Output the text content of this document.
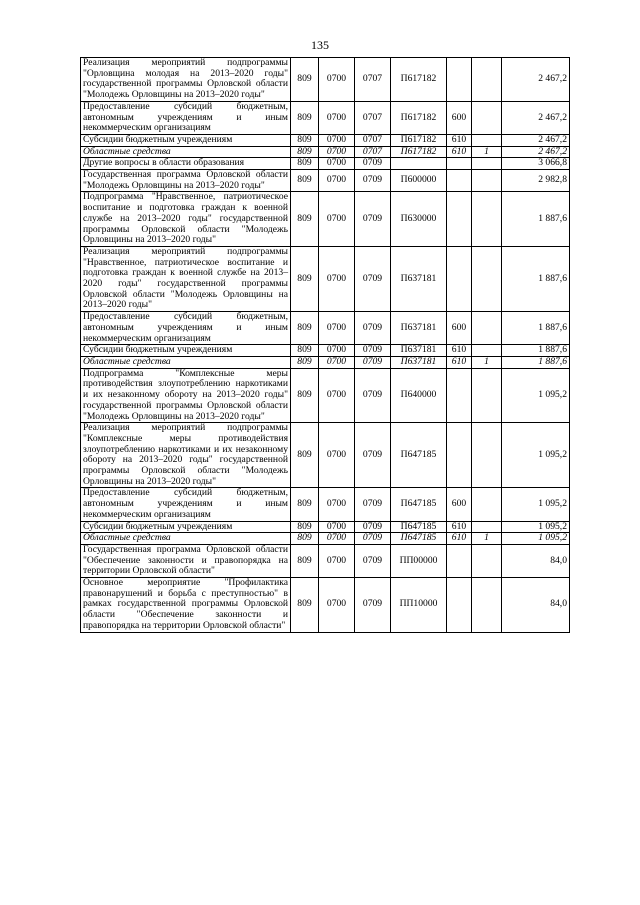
135
Реализация мероприятий подпрограммы "Орловщина молодая на 2013–2020 годы" государственной программы Орловской области "Молодежь Орловщины на 2013–2020 годы"	809	0700	0707	П617182			2 467,2
Предоставление субсидий бюджетным, автономным учреждениям и иным некоммерческим организациям	809	0700	0707	П617182	600		2 467,2
Субсидии бюджетным учреждениям	809	0700	0707	П617182	610		2 467,2
Областные средства	809	0700	0707	П617182	610	1	2 467,2
Другие вопросы в области образования	809	0700	0709				3 066,8
Государственная программа Орловской области "Молодежь Орловщины на 2013–2020 годы"	809	0700	0709	П600000			2 982,8
Подпрограмма "Нравственное, патриотическое воспитание и подготовка граждан к военной службе на 2013–2020 годы" государственной программы Орловской области "Молодежь Орловщины на 2013–2020 годы"	809	0700	0709	П630000			1 887,6
Реализация мероприятий подпрограммы "Нравственное, патриотическое воспитание и подготовка граждан к военной службе на 2013–2020 годы" государственной программы Орловской области "Молодежь Орловщины на 2013–2020 годы"	809	0700	0709	П637181			1 887,6
Предоставление субсидий бюджетным, автономным учреждениям и иным некоммерческим организациям	809	0700	0709	П637181	600		1 887,6
Субсидии бюджетным учреждениям	809	0700	0709	П637181	610		1 887,6
Областные средства	809	0700	0709	П637181	610	1	1 887,6
Подпрограмма "Комплексные меры противодействия злоупотреблению наркотиками и их незаконному обороту на 2013–2020 годы" государственной программы Орловской области "Молодежь Орловщины на 2013–2020 годы"	809	0700	0709	П640000			1 095,2
Реализация мероприятий подпрограммы "Комплексные меры противодействия злоупотреблению наркотиками и их незаконному обороту на 2013–2020 годы" государственной программы Орловской области "Молодежь Орловщины на 2013–2020 годы"	809	0700	0709	П647185			1 095,2
Предоставление субсидий бюджетным, автономным учреждениям и иным некоммерческим организациям	809	0700	0709	П647185	600		1 095,2
Субсидии бюджетным учреждениям	809	0700	0709	П647185	610		1 095,2
Областные средства	809	0700	0709	П647185	610	1	1 095,2
Государственная программа Орловской области "Обеспечение законности и правопорядка на территории Орловской области"	809	0700	0709	ПП00000			84,0
Основное мероприятие "Профилактика правонарушений и борьба с преступностью" в рамках государственной программы Орловской области "Обеспечение законности и правопорядка на территории Орловской области"	809	0700	0709	ПП10000			84,0
